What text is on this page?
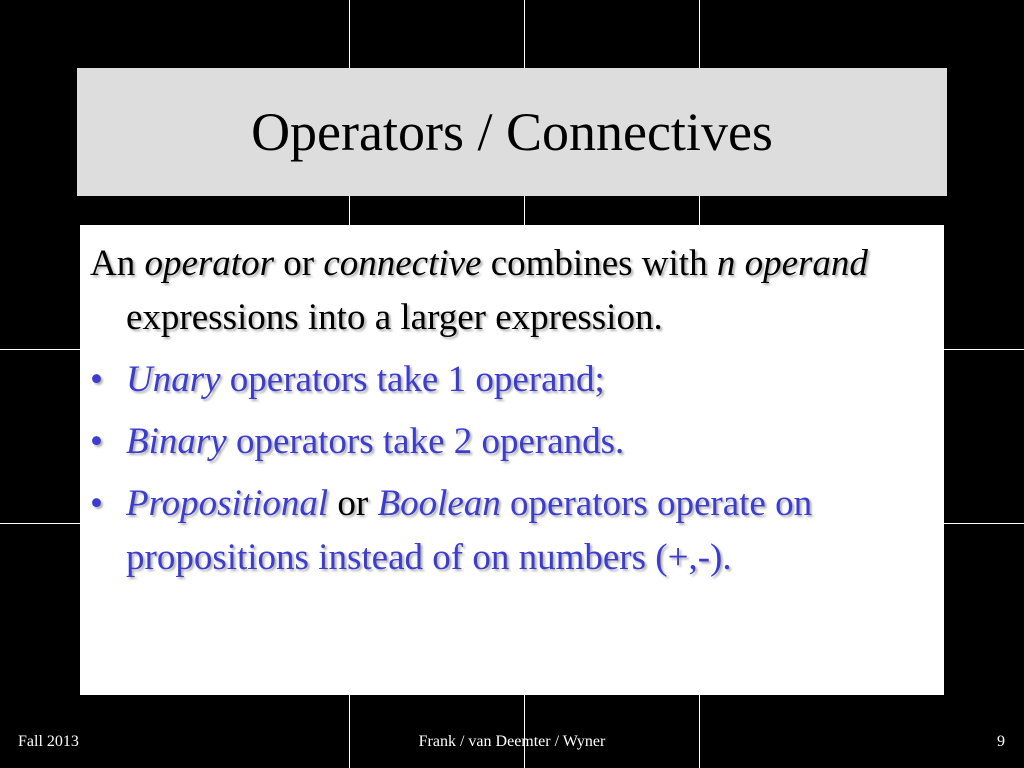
Operators / Connectives

An operator or connective combines with n operand expressions into a larger expression.

• Unary operators take 1 operand;

• Binary operators take 2 operands.

• Propositional or Boolean operators operate on propositions instead of on numbers (+,-).

Fall 2013	Frank / van Deemter / Wyner	9
